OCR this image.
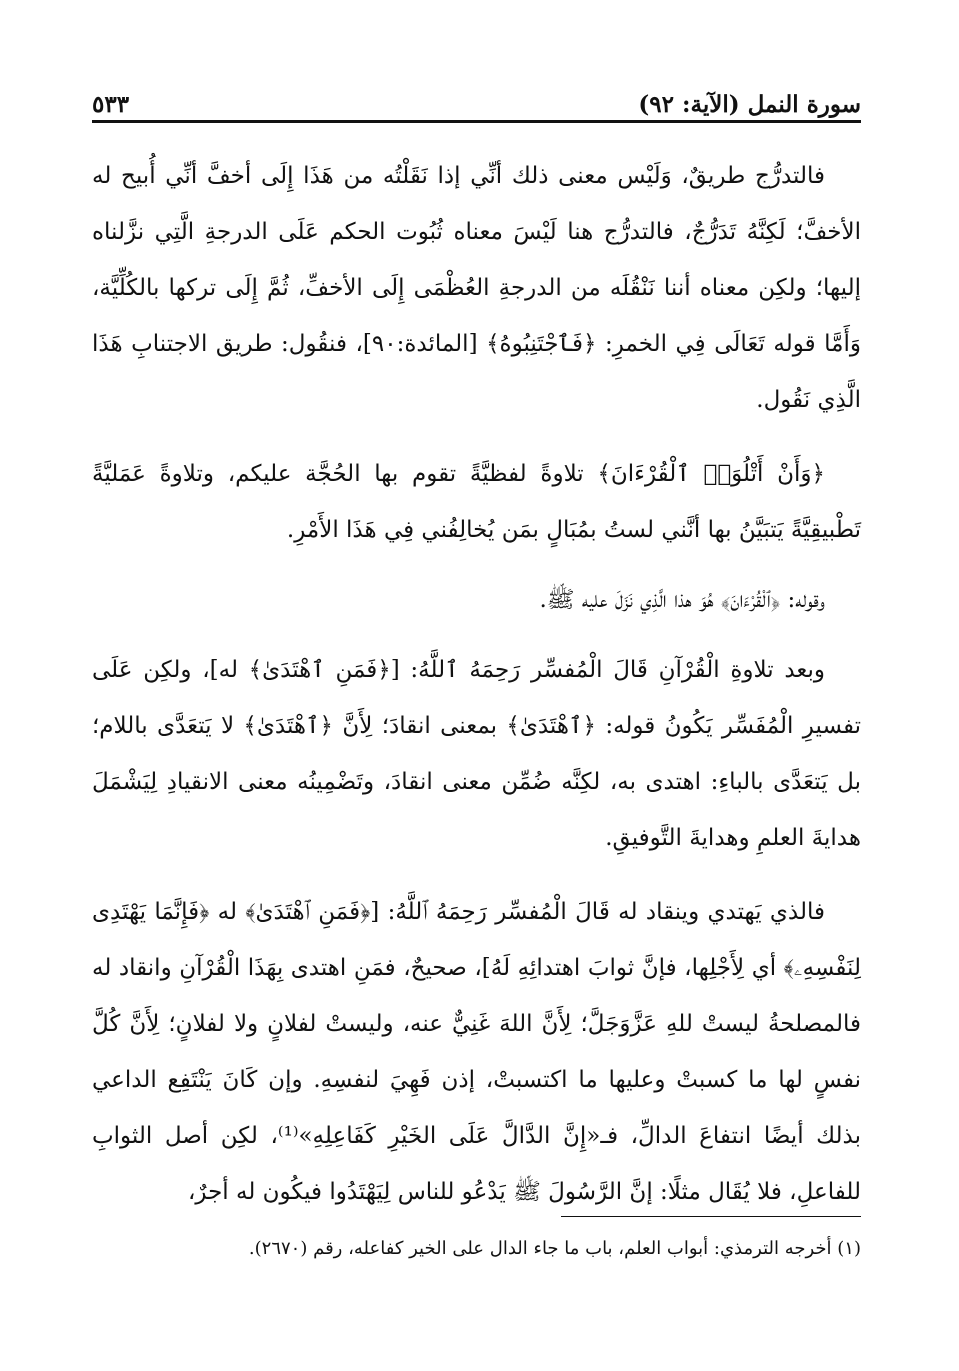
سورة النمل (الآية: ٩٢)
٥٣٣

فالتدرُّج طريقٌ، وَلَيْس معنى ذلك أنِّي إذا نَقَلْتُه من هَذَا إِلَى أخفَّ أنِّي أُبيح له الأخفَّ؛ لَكِنَّهُ تَدَرُّجٌ، فالتدرُّج هنا لَيْسَ معناه ثُبُوت الحكم عَلَى الدرجةِ الَّتِي نزَّلناه إليها؛ ولكِن معناه أننا نَنْقُلَه من الدرجةِ العُظْمَى إِلَى الأخفِّ، ثُمَّ إِلَى تركها بالكُلِّيَّة، وَأَمَّا قوله تَعَالَى فِي الخمرِ: ﴿فَٱجْتَنِبُوهُ﴾ [المائدة:٩٠]، فنقُول: طريق الاجتنابِ هَذَا الَّذِي نَقُول.

﴿وَأَنْ أَتْلُوَا۟ ٱلْقُرْءَانَ﴾ تلاوةً لفظيَّةً تقوم بها الحُجَّة عليكم، وتلاوةً عَمَليَّةً تَطْبيقِيَّةً يَتبَيَّنُ بها أنَّني لستُ بمُبَالٍ بمَن يُخالِفُني فِي هَذَا الأَمْرِ.

وقوله: ﴿ٱلْقُرْءَانَ﴾ هُوَ هذا الَّذِي نَزَلَ عليه ﷺ.

وبعد تلاوةِ الْقُرْآنِ قَالَ الْمُفسِّر رَحِمَهُ ٱللَّهُ: [﴿فَمَنِ ٱهْتَدَىٰ﴾ له]، ولكِن عَلَى تفسيرِ الْمُفَسِّر يَكُونُ قوله: ﴿ٱهْتَدَىٰ﴾ بمعنى انقادَ؛ لِأَنَّ ﴿ٱهْتَدَىٰ﴾ لا يَتعَدَّى باللام؛ بل يَتعَدَّى بالباءِ: اهتدى به، لكِنَّه ضُمِّن معنى انقادَ، وتَضْمِينُه معنى الانقيادِ لِيَشْمَلَ هدايةَ العلمِ وهدايةَ التَّوفيقِ.

فالذي يَهتدي وينقاد له قَالَ الْمُفسِّر رَحِمَهُ ٱللَّهُ: [﴿فَمَنِ ٱهْتَدَىٰ﴾ له ﴿فَإِنَّمَا يَهْتَدِى لِنَفْسِهِۦ﴾ أي لِأَجْلِها، فإنَّ ثوابَ اهتدائِهِ لَهُ]، صحيحٌ، فمَنِ اهتدى بِهَذَا الْقُرْآنِ وانقاد له فالمصلحةُ ليستْ للهِ عَزَّوَجَلَّ؛ لِأَنَّ اللهَ غَنِيٌّ عنه، وليستْ لفلانٍ ولا لفلانٍ؛ لِأَنَّ كُلَّ نفسٍ لها ما كسبتْ وعليها ما اكتسبتْ، إذن فَهِيَ لنفسِهِ. وإن كَانَ يَنْتَفِع الداعي بذلك أيضًا انتفاعَ الدالِّ، فـ«إِنَّ الدَّالَّ عَلَى الخَيْرِ كَفَاعِلِهِ»⁽¹⁾، لكِن أصل الثوابِ للفاعلِ، فلا يُقَال مثلًا: إنَّ الرَّسُولَ ﷺ يَدْعُو للناس لِيَهْتَدُوا فيكُون له أجرٌ،

(١) أخرجه الترمذي: أبواب العلم، باب ما جاء الدال على الخير كفاعله، رقم (٢٦٧٠).
